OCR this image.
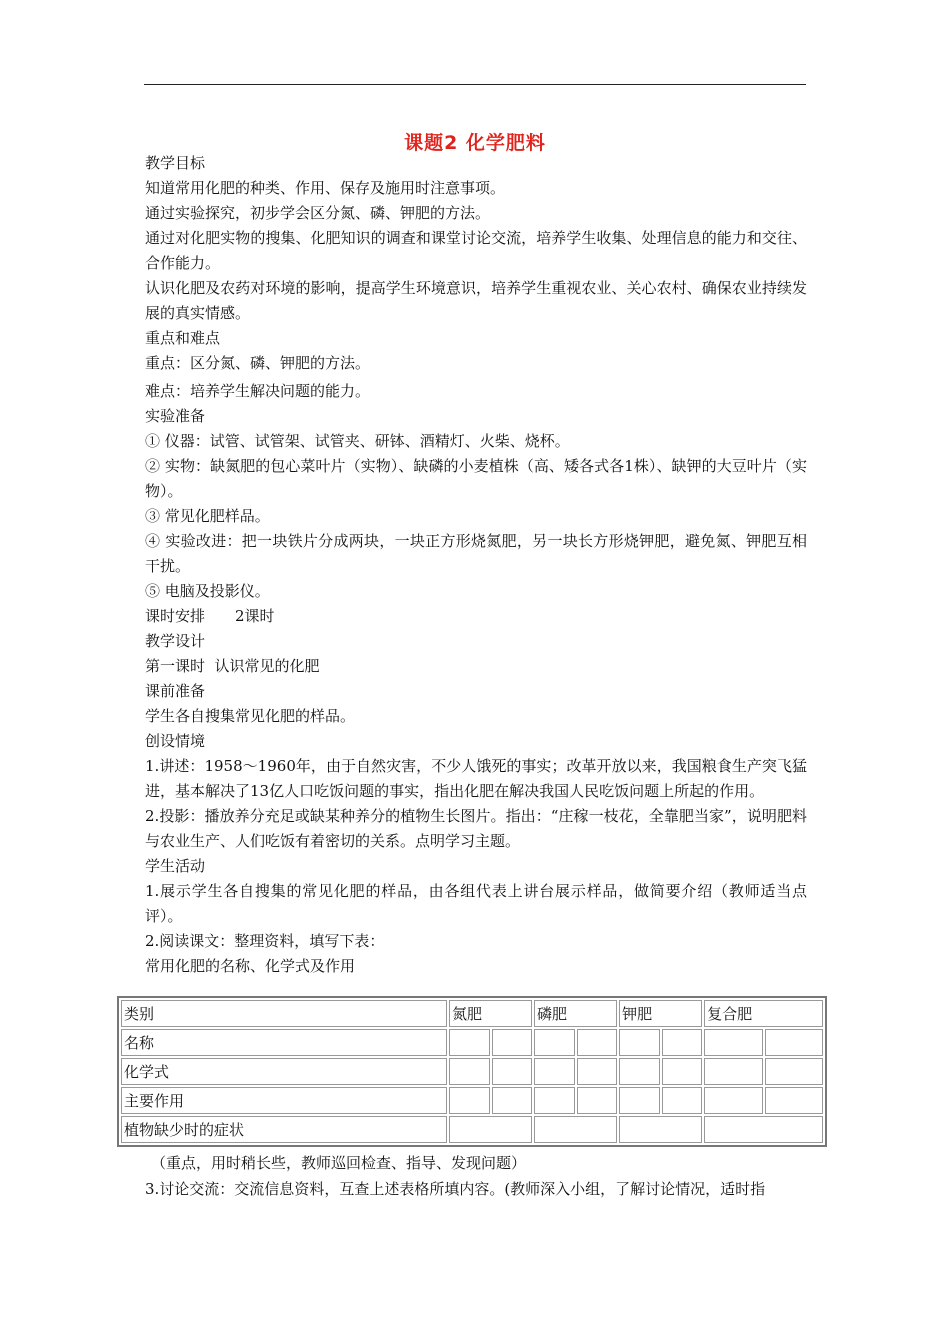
课题2 化学肥料

教学目标

知道常用化肥的种类、作用、保存及施用时注意事项。

通过实验探究，初步学会区分氮、磷、钾肥的方法。

通过对化肥实物的搜集、化肥知识的调查和课堂讨论交流，培养学生收集、处理信息的能力和交往、合作能力。

认识化肥及农药对环境的影响，提高学生环境意识，培养学生重视农业、关心农村、确保农业持续发展的真实情感。

重点和难点

重点：区分氮、磷、钾肥的方法。

难点：培养学生解决问题的能力。

实验准备

① 仪器：试管、试管架、试管夹、研钵、酒精灯、火柴、烧杯。

② 实物：缺氮肥的包心菜叶片（实物）、缺磷的小麦植株（高、矮各式各1株）、缺钾的大豆叶片（实物）。

③ 常见化肥样品。

④ 实验改进：把一块铁片分成两块，一块正方形烧氮肥，另一块长方形烧钾肥，避免氮、钾肥互相干扰。

⑤ 电脑及投影仪。

课时安排　　2课时

教学设计

第一课时  认识常见的化肥

课前准备

学生各自搜集常见化肥的样品。

创设情境

1.讲述：1958～1960年，由于自然灾害，不少人饿死的事实；改革开放以来，我国粮食生产突飞猛进，基本解决了13亿人口吃饭问题的事实，指出化肥在解决我国人民吃饭问题上所起的作用。

2.投影：播放养分充足或缺某种养分的植物生长图片。指出：“庄稼一枝花，全靠肥当家”，说明肥料与农业生产、人们吃饭有着密切的关系。点明学习主题。

学生活动

1.展示学生各自搜集的常见化肥的样品，由各组代表上讲台展示样品，做简要介绍（教师适当点评）。

2.阅读课文：整理资料，填写下表：

常用化肥的名称、化学式及作用

类别	氮肥		磷肥		钾肥		复合肥	
名称								
化学式								
主要作用								
植物缺少时的症状								

（重点，用时稍长些，教师巡回检查、指导、发现问题）

3.讨论交流：交流信息资料，互查上述表格所填内容。(教师深入小组，了解讨论情况，适时指
